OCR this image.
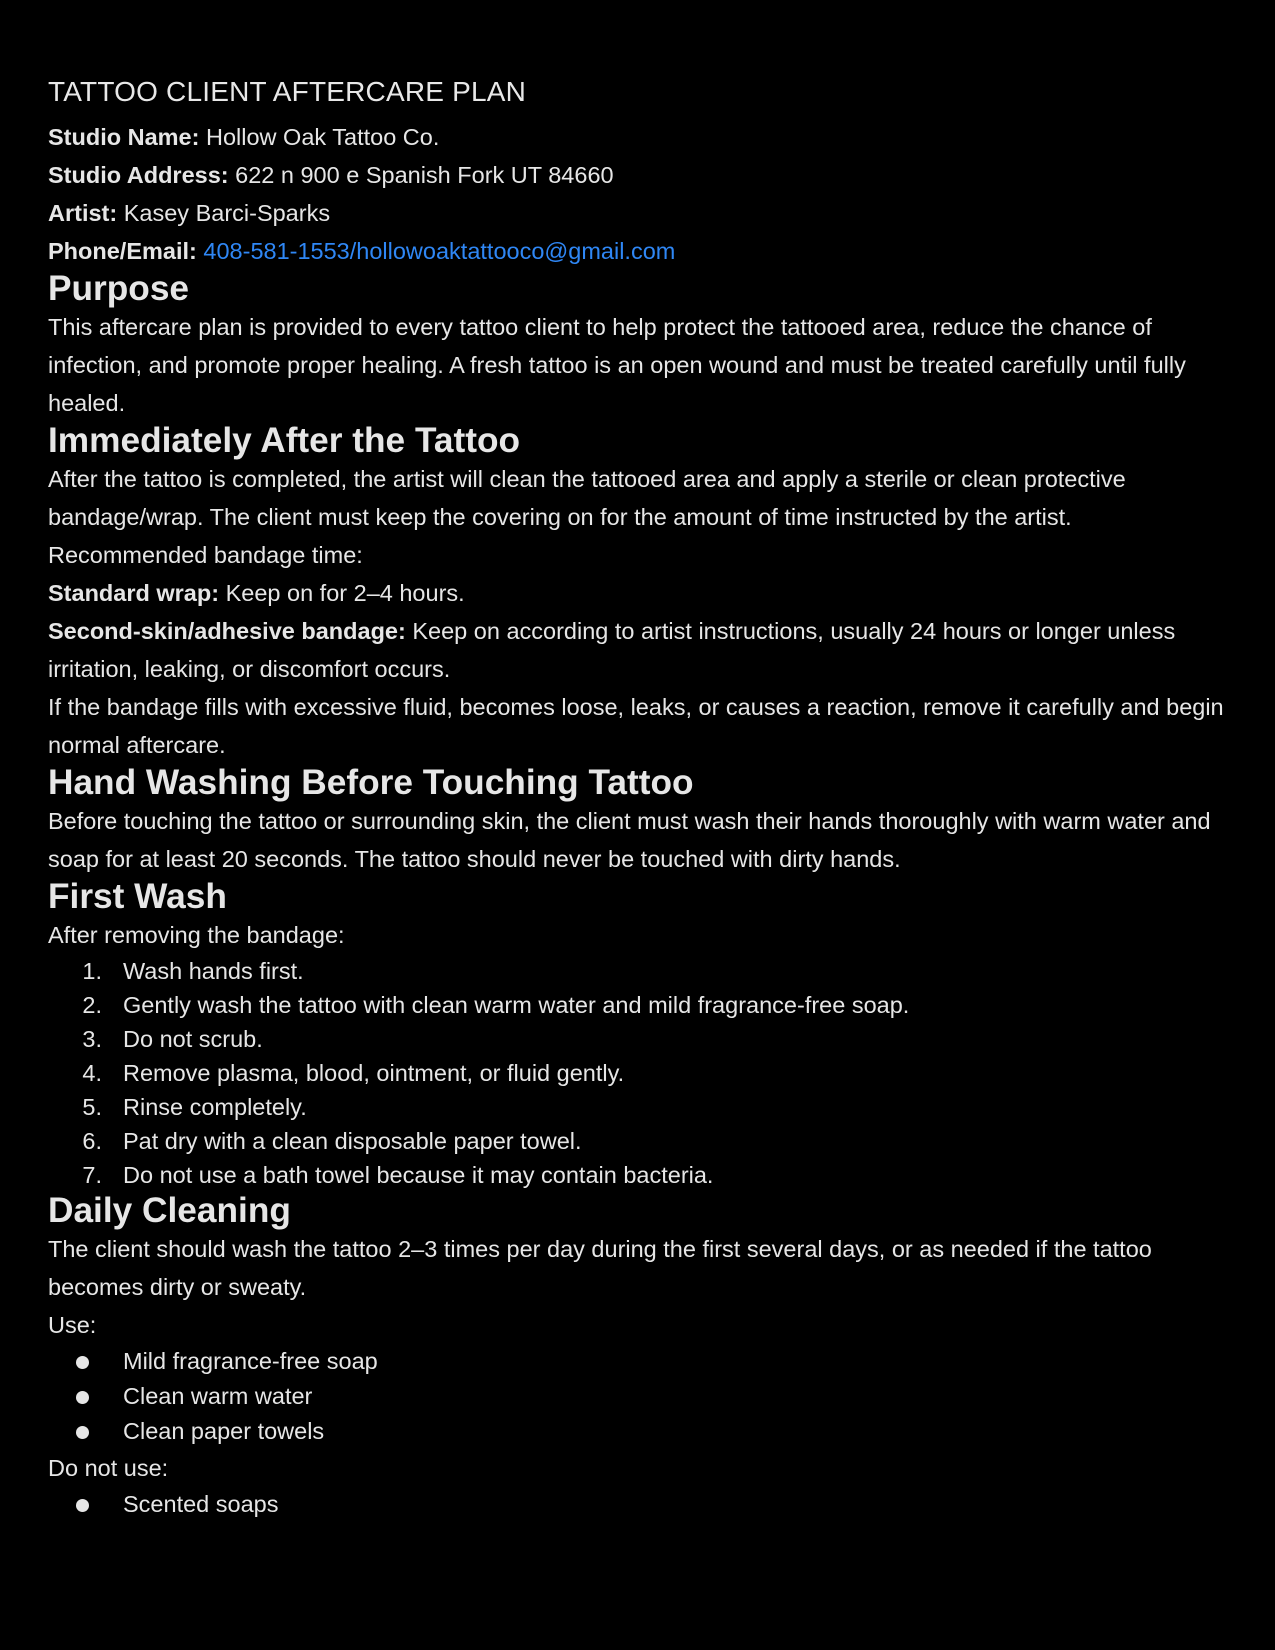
TATTOO CLIENT AFTERCARE PLAN

Studio Name: Hollow Oak Tattoo Co.

Studio Address: 622 n 900 e Spanish Fork UT 84660

Artist: Kasey Barci-Sparks

Phone/Email: 408-581-1553/hollowoaktattooco@gmail.com

Purpose

This aftercare plan is provided to every tattoo client to help protect the tattooed area, reduce the chance of infection, and promote proper healing. A fresh tattoo is an open wound and must be treated carefully until fully healed.

Immediately After the Tattoo

After the tattoo is completed, the artist will clean the tattooed area and apply a sterile or clean protective bandage/wrap. The client must keep the covering on for the amount of time instructed by the artist.

Recommended bandage time:

Standard wrap: Keep on for 2–4 hours.

Second-skin/adhesive bandage: Keep on according to artist instructions, usually 24 hours or longer unless irritation, leaking, or discomfort occurs.

If the bandage fills with excessive fluid, becomes loose, leaks, or causes a reaction, remove it carefully and begin normal aftercare.

Hand Washing Before Touching Tattoo

Before touching the tattoo or surrounding skin, the client must wash their hands thoroughly with warm water and soap for at least 20 seconds. The tattoo should never be touched with dirty hands.

First Wash

After removing the bandage:

1. Wash hands first.
2. Gently wash the tattoo with clean warm water and mild fragrance-free soap.
3. Do not scrub.
4. Remove plasma, blood, ointment, or fluid gently.
5. Rinse completely.
6. Pat dry with a clean disposable paper towel.
7. Do not use a bath towel because it may contain bacteria.
Daily Cleaning

The client should wash the tattoo 2–3 times per day during the first several days, or as needed if the tattoo becomes dirty or sweaty.

Use:

Mild fragrance-free soap
Clean warm water
Clean paper towels

Do not use:

Scented soaps
